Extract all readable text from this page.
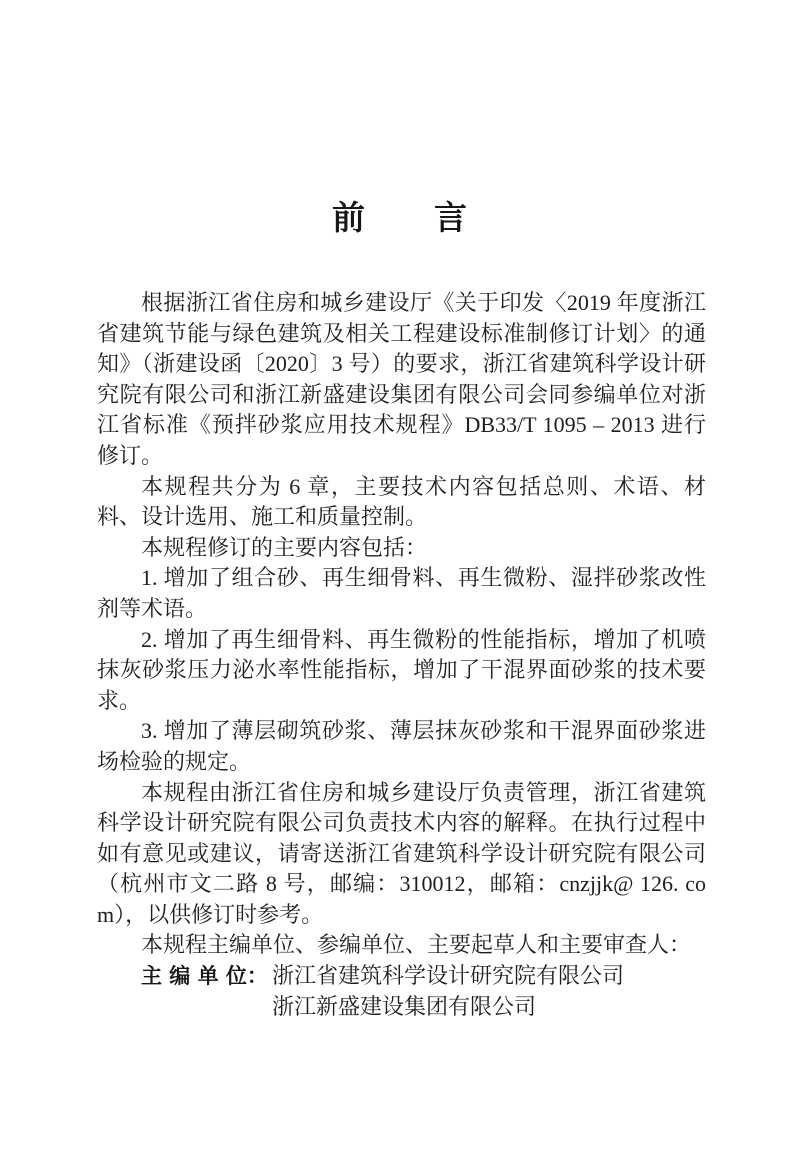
前　　言

根据浙江省住房和城乡建设厅《关于印发〈2019 年度浙江省建筑节能与绿色建筑及相关工程建设标准制修订计划〉的通知》（浙建设函〔2020〕3 号）的要求，浙江省建筑科学设计研究院有限公司和浙江新盛建设集团有限公司会同参编单位对浙江省标准《预拌砂浆应用技术规程》DB33/T 1095 – 2013 进行修订。

本规程共分为 6 章，主要技术内容包括总则、术语、材料、设计选用、施工和质量控制。

本规程修订的主要内容包括：

1. 增加了组合砂、再生细骨料、再生微粉、湿拌砂浆改性剂等术语。

2. 增加了再生细骨料、再生微粉的性能指标，增加了机喷抹灰砂浆压力泌水率性能指标，增加了干混界面砂浆的技术要求。

3. 增加了薄层砌筑砂浆、薄层抹灰砂浆和干混界面砂浆进场检验的规定。

本规程由浙江省住房和城乡建设厅负责管理，浙江省建筑科学设计研究院有限公司负责技术内容的解释。在执行过程中如有意见或建议，请寄送浙江省建筑科学设计研究院有限公司（杭州市文二路 8 号，邮编：310012，邮箱：cnzjjk@ 126. com），以供修订时参考。

本规程主编单位、参编单位、主要起草人和主要审查人：

主 编 单 位： 浙江省建筑科学设计研究院有限公司
浙江新盛建设集团有限公司
